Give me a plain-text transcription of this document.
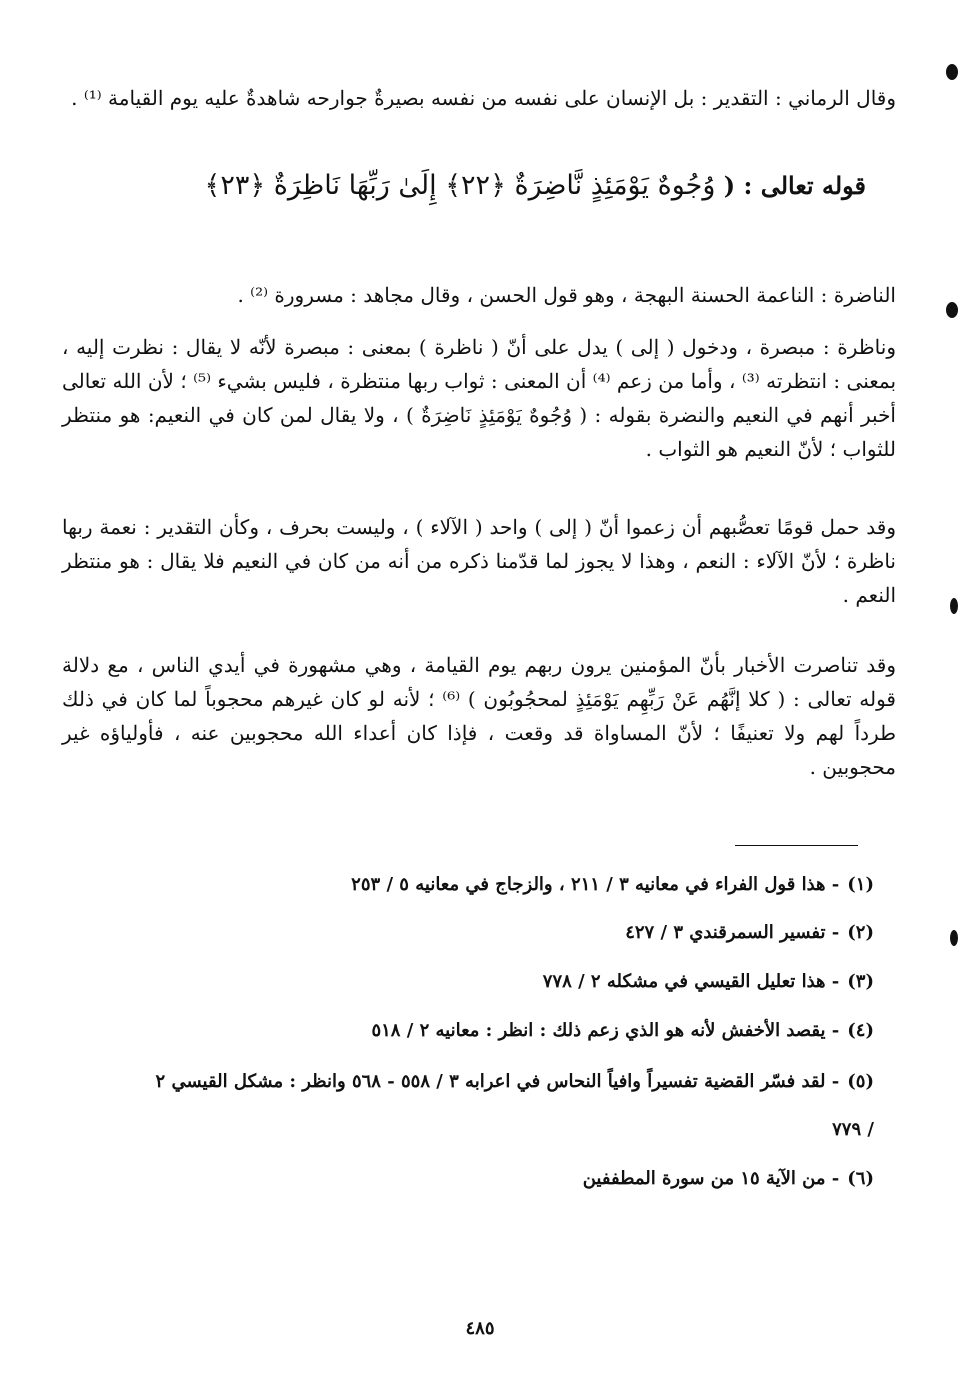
وقال الرماني : التقدير : بل الإنسان على نفسه من نفسه بصيرةٌ جوارحه شاهدةٌ عليه يوم القيامة ⁽¹⁾ .
قوله تعالى : ( وُجُوهٌ يَوْمَئِذٍ نَّاضِرَةٌ ﴿٢٢﴾ إِلَىٰ رَبِّهَا نَاظِرَةٌ ﴿٢٣﴾
الناضرة : الناعمة الحسنة البهجة ، وهو قول الحسن ، وقال مجاهد : مسرورة ⁽²⁾ .
وناظرة : مبصرة ، ودخول ( إلى ) يدل على أنّ ( ناظرة ) بمعنى : مبصرة لأنّه لا يقال : نظرت إليه ، بمعنى : انتظرته ⁽³⁾ ، وأما من زعم ⁽⁴⁾ أن المعنى : ثواب ربها منتظرة ، فليس بشيء ⁽⁵⁾ ؛ لأن الله تعالى أخبر أنهم في النعيم والنضرة بقوله : ( وُجُوهٌ يَوْمَئِذٍ نَاضِرَةٌ ) ، ولا يقال لمن كان في النعيم: هو منتظر للثواب ؛ لأنّ النعيم هو الثواب .
وقد حمل قومًا تعصُّبهم أن زعموا أنّ ( إلى ) واحد ( الآلاء ) ، وليست بحرف ، وكأن التقدير : نعمة ربها ناظرة ؛ لأنّ الآلاء : النعم ، وهذا لا يجوز لما قدّمنا ذكره من أنه من كان في النعيم فلا يقال : هو منتظر النعم .
وقد تناصرت الأخبار بأنّ المؤمنين يرون ربهم يوم القيامة ، وهي مشهورة في أيدي الناس ، مع دلالة قوله تعالى : ( كلا إنَّهُم عَنْ رَبِّهِم يَوْمَئِذٍ لمحجُوبُون ) ⁽⁶⁾ ؛ لأنه لو كان غيرهم محجوباً لما كان في ذلك طرداً لهم ولا تعنيفًا ؛ لأنّ المساواة قد وقعت ، فإذا كان أعداء الله محجوبين عنه ، فأولياؤه غير محجوبين .
(١)- هذا قول الفراء في معانيه ٣ / ٢١١ ، والزجاج في معانيه ٥ / ٢٥٣
(٢)- تفسير السمرقندي ٣ / ٤٢٧
(٣)- هذا تعليل القيسي في مشكله ٢ / ٧٧٨
(٤)- يقصد الأخفش لأنه هو الذي زعم ذلك : انظر : معانيه ٢ / ٥١٨
(٥)- لقد فسّر القضية تفسيراً وافياً النحاس في اعرابه ٣ / ٥٥٨ - ٥٦٨ وانظر : مشكل القيسي ٢ / ٧٧٩
(٦)- من الآية ١٥ من سورة المطففين
٤٨٥
